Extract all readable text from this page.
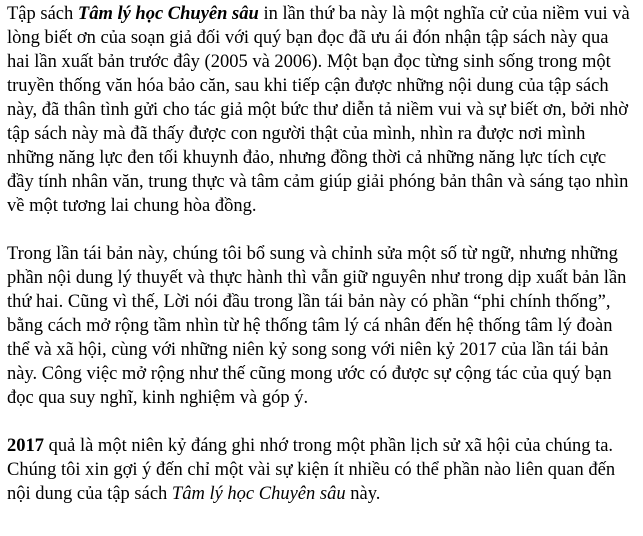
Tập sách Tâm lý học Chuyên sâu in lần thứ ba này là một nghĩa cử của niềm vui và lòng biết ơn của soạn giả đối với quý bạn đọc đã ưu ái đón nhận tập sách này qua hai lần xuất bản trước đây (2005 và 2006). Một bạn đọc từng sinh sống trong một truyền thống văn hóa bảo căn, sau khi tiếp cận được những nội dung của tập sách này, đã thân tình gửi cho tác giả một bức thư diễn tả niềm vui và sự biết ơn, bởi nhờ tập sách này mà đã thấy được con người thật của mình, nhìn ra được nơi mình những năng lực đen tối khuynh đảo, nhưng đồng thời cả những năng lực tích cực đầy tính nhân văn, trung thực và tâm cảm giúp giải phóng bản thân và sáng tạo nhìn về một tương lai chung hòa đồng.

Trong lần tái bản này, chúng tôi bổ sung và chỉnh sửa một số từ ngữ, nhưng những phần nội dung lý thuyết và thực hành thì vẫn giữ nguyên như trong dịp xuất bản lần thứ hai. Cũng vì thế, Lời nói đầu trong lần tái bản này có phần “phi chính thống”, bằng cách mở rộng tầm nhìn từ hệ thống tâm lý cá nhân đến hệ thống tâm lý đoàn thể và xã hội, cùng với những niên kỷ song song với niên kỷ 2017 của lần tái bản này. Công việc mở rộng như thế cũng mong ước có được sự cộng tác của quý bạn đọc qua suy nghĩ, kinh nghiệm và góp ý.

2017 quả là một niên kỷ đáng ghi nhớ trong một phần lịch sử xã hội của chúng ta. Chúng tôi xin gợi ý đến chỉ một vài sự kiện ít nhiều có thể phần nào liên quan đến nội dung của tập sách Tâm lý học Chuyên sâu này.
